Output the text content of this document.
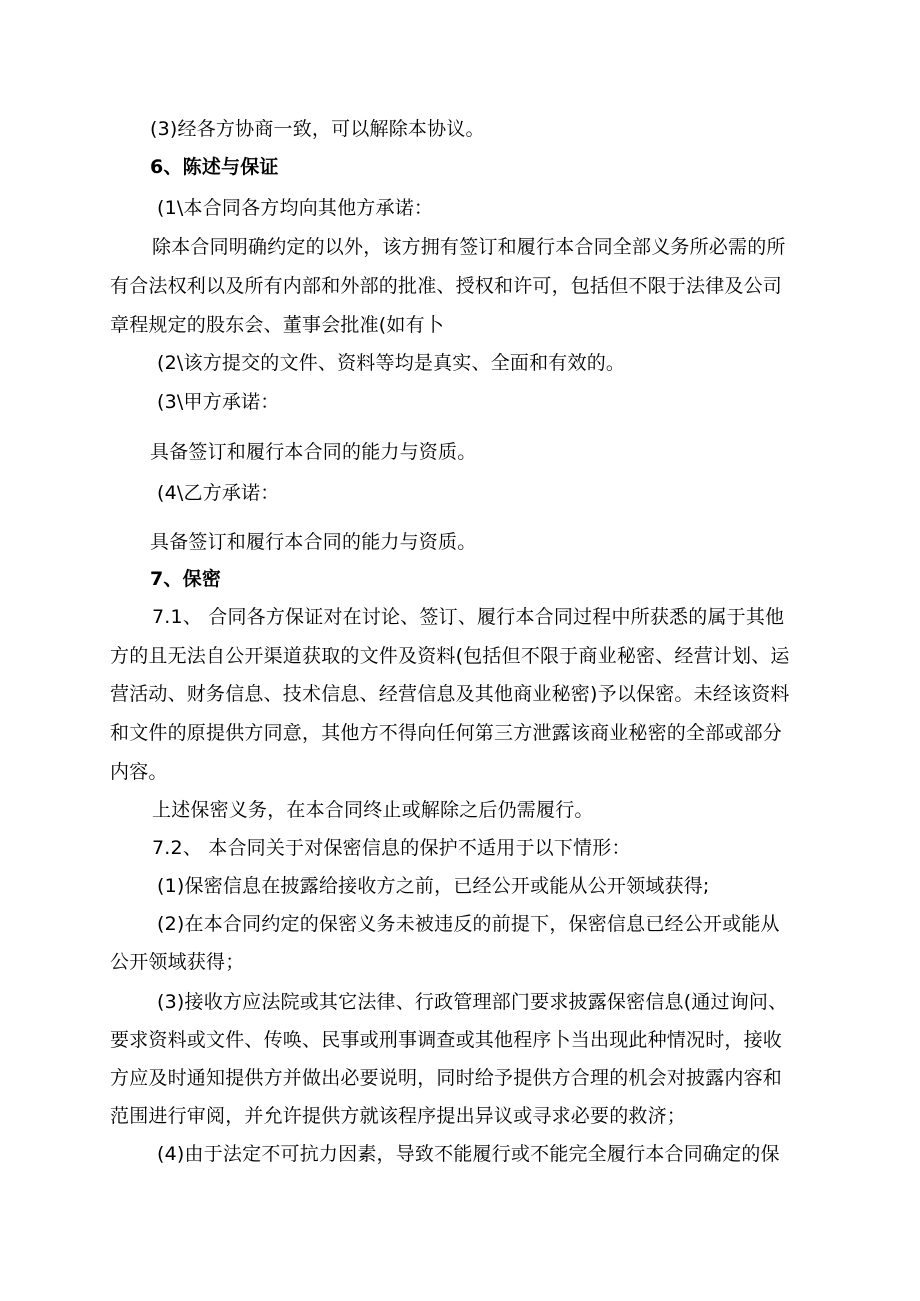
(3)经各方协商一致，可以解除本协议。
6、陈述与保证
(1\本合同各方均向其他方承诺：
除本合同明确约定的以外，该方拥有签订和履行本合同全部义务所必需的所
有合法权利以及所有内部和外部的批准、授权和许可，包括但不限于法律及公司
章程规定的股东会、董事会批准(如有卜
(2\该方提交的文件、资料等均是真实、全面和有效的。
(3\甲方承诺：
具备签订和履行本合同的能力与资质。
(4\乙方承诺：
具备签订和履行本合同的能力与资质。
7、保密
7.1、 合同各方保证对在讨论、签订、履行本合同过程中所获悉的属于其他
方的且无法自公开渠道获取的文件及资料(包括但不限于商业秘密、经营计划、运
营活动、财务信息、技术信息、经营信息及其他商业秘密)予以保密。未经该资料
和文件的原提供方同意，其他方不得向任何第三方泄露该商业秘密的全部或部分
内容。
上述保密义务，在本合同终止或解除之后仍需履行。
7.2、 本合同关于对保密信息的保护不适用于以下情形：
(1)保密信息在披露给接收方之前，已经公开或能从公开领域获得;
(2)在本合同约定的保密义务未被违反的前提下，保密信息已经公开或能从
公开领域获得；
(3)接收方应法院或其它法律、行政管理部门要求披露保密信息(通过询问、
要求资料或文件、传唤、民事或刑事调查或其他程序卜当出现此种情况时，接收
方应及时通知提供方并做出必要说明，同时给予提供方合理的机会对披露内容和
范围进行审阅，并允许提供方就该程序提出异议或寻求必要的救济；
(4)由于法定不可抗力因素，导致不能履行或不能完全履行本合同确定的保
